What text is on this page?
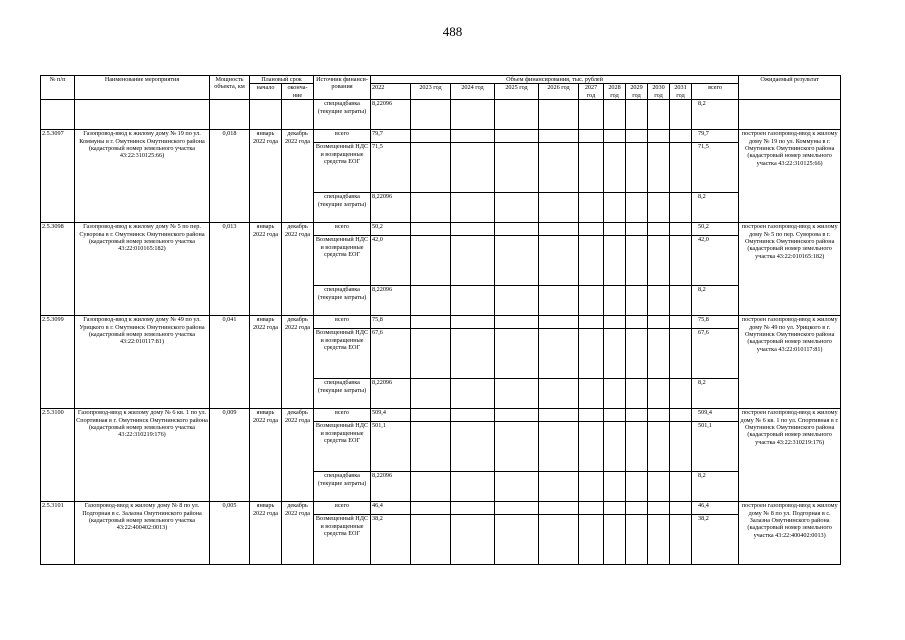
488
№ п/п	Наименование мероприятия	Мощность объекта, км	Плановый срок		Источник финанси-рования	Объем финансирования, тыс. рублей											Ожидаемый результат
			начало	оконча-ние		2022	2023 год	2024 год	2025 год	2026 год	2027 год	2028 год	2029 год	2030 год	2031 год	всего	
					спецнадбавка (текущие затраты)	8,22096										8,2	
2.5.3097	Газопровод-ввод к жилому дому № 19 по ул. Коммуны в г. Омутнинск Омутнинского района (кадастровый номер земельного участка 43:22:310125:66)	0,018	январь 2022 года	декабрь 2022 года	всего	79,7										79,7	построен газопровод-ввод к жилому дому № 19 по ул. Коммуны в г. Омутнинск Омутнинского района (кадастровый номер земельного участка 43:22:310125:66)
					Возмещенный НДС и возвращенные средства ЕОГ	71,5										71,5	
					спецнадбавка (текущие затраты)	8,22096										8,2	
2.5.3098	Газопровод-ввод к жилому дому № 5 по пер. Суворова в г. Омутнинск Омутнинского района (кадастровый номер земельного участка 43:22:010165:182)	0,013	январь 2022 года	декабрь 2022 года	всего	50,2										50,2	построен газопровод-ввод к жилому дому № 5 по пер. Суворова в г. Омутнинск Омутнинского района (кадастровый номер земельного участка 43:22:010165:182)
					Возмещенный НДС и возвращенные средства ЕОГ	42,0										42,0	
					спецнадбавка (текущие затраты)	8,22096										8,2	
2.5.3099	Газопровод-ввод к жилому дому № 49 по ул. Урицкого в г. Омутнинск Омутнинского района (кадастровый номер земельного участка 43:22:010117:81)	0,041	январь 2022 года	декабрь 2022 года	всего	75,8										75,8	построен газопровод-ввод к жилому дому № 49 по ул. Урицкого в г. Омутнинск Омутнинского района (кадастровый номер земельного участка 43:22:010117:81)
					Возмещенный НДС и возвращенные средства ЕОГ	67,6										67,6	
					спецнадбавка (текущие затраты)	8,22096										8,2	
2.5.3100	Газопровод-ввод к жилому дому № 6 кв. 1 по ул. Спортивная в г. Омутнинск Омутнинского района (кадастровый номер земельного участка 43:22:310219:176)	0,009	январь 2022 года	декабрь 2022 года	всего	509,4										509,4	построен газопровод-ввод к жилому дому № 6 кв. 1 по ул. Спортивная в г. Омутнинск Омутнинского района (кадастровый номер земельного участка 43:22:310219:176)
					Возмещенный НДС и возвращенные средства ЕОГ	501,1										501,1	
					спецнадбавка (текущие затраты)	8,22096										8,2	
2.5.3101	Газопровод-ввод к жилому дому № 8 по ул. Подгорная в с. Залазна Омутнинского района (кадастровый номер земельного участка 43:22:400402:0013)	0,005	январь 2022 года	декабрь 2022 года	всего	46,4										46,4	построен газопровод-ввод к жилому дому № 8 по ул. Подгорная в с. Залазна Омутнинского района (кадастровый номер земельного участка 43:22:400402:0013)
					Возмещенный НДС и возвращенные средства ЕОГ	38,2										38,2	
